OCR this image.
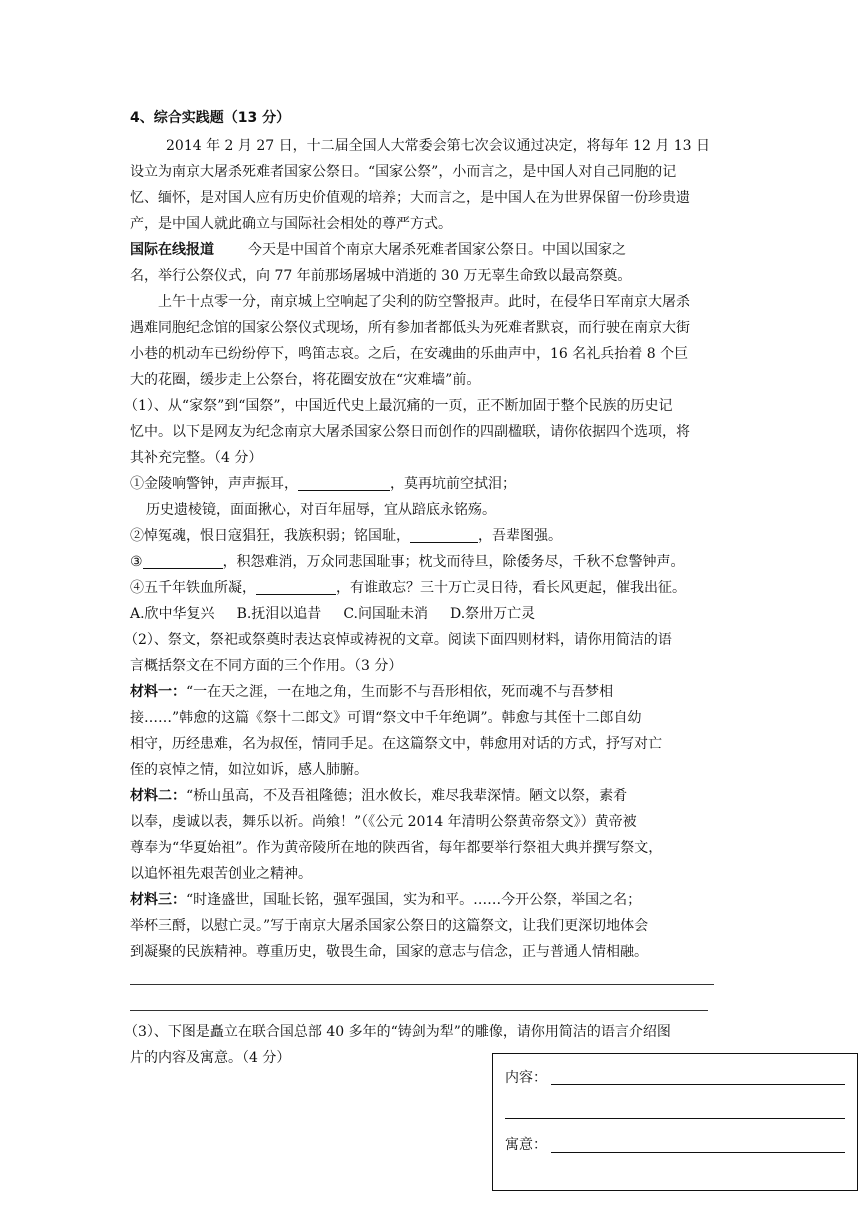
4、综合实践题（13 分）
2014 年 2 月 27 日，十二届全国人大常委会第七次会议通过决定，将每年 12 月 13 日
设立为南京大屠杀死难者国家公祭日。“国家公祭”，小而言之，是中国人对自己同胞的记
忆、缅怀，是对国人应有历史价值观的培养；大而言之，是中国人在为世界保留一份珍贵遗
产，是中国人就此确立与国际社会相处的尊严方式。
国际在线报道 今天是中国首个南京大屠杀死难者国家公祭日。中国以国家之
名，举行公祭仪式，向 77 年前那场屠城中消逝的 30 万无辜生命致以最高祭奠。
上午十点零一分，南京城上空响起了尖利的防空警报声。此时，在侵华日军南京大屠杀
遇难同胞纪念馆的国家公祭仪式现场，所有参加者都低头为死难者默哀，而行驶在南京大街
小巷的机动车已纷纷停下，鸣笛志哀。之后，在安魂曲的乐曲声中，16 名礼兵抬着 8 个巨
大的花圈，缓步走上公祭台，将花圈安放在“灾难墙”前。
（1）、从“家祭”到“国祭”，中国近代史上最沉痛的一页，正不断加固于整个民族的历史记
忆中。以下是网友为纪念南京大屠杀国家公祭日而创作的四副楹联，请你依据四个选项，将
其补充完整。（4 分）
①金陵响警钟，声声振耳，	，莫再坑前空拭泪；
历史遗棱镜，面面揪心，对百年屈辱，宜从踣底永铭殇。
②悼冤魂，恨日寇猖狂，我族积弱；铭国耻，	，吾辈图强。
③	，积怨难消，万众同悲国耻事；枕戈而待旦，除倭务尽，千秋不怠警钟声。
④五千年铁血所凝，	，有谁敢忘？三十万亡灵日待，看长风更起，催我出征。
A.欣中华复兴 B.抚泪以追昔 C.问国耻未消 D.祭卅万亡灵
（2）、祭文，祭祀或祭奠时表达哀悼或祷祝的文章。阅读下面四则材料，请你用简洁的语
言概括祭文在不同方面的三个作用。（3 分）
材料一：“一在天之涯，一在地之角，生而影不与吾形相依，死而魂不与吾梦相
接……”韩愈的这篇《祭十二郎文》可谓“祭文中千年绝调”。韩愈与其侄十二郎自幼
相守，历经患难，名为叔侄，情同手足。在这篇祭文中，韩愈用对话的方式，抒写对亡
侄的哀悼之情，如泣如诉，感人肺腑。
材料二：“桥山虽高，不及吾祖隆德；沮水攸长，难尽我辈深情。陋文以祭，素肴
以奉，虔诚以表，舞乐以祈。尚飨！”（《公元 2014 年清明公祭黄帝祭文》）黄帝被
尊奉为“华夏始祖”。作为黄帝陵所在地的陕西省，每年都要举行祭祖大典并撰写祭文，
以追怀祖先艰苦创业之精神。
材料三：“时逢盛世，国耻长铭，强军强国，实为和平。……今开公祭，举国之名；
举杯三酹，以慰亡灵。”写于南京大屠杀国家公祭日的这篇祭文，让我们更深切地体会
到凝聚的民族精神。尊重历史，敬畏生命，国家的意志与信念，正与普通人情相融。
（3）、下图是矗立在联合国总部 40 多年的“铸剑为犁”的雕像，请你用简洁的语言介绍图
片的内容及寓意。（4 分）
内容：
寓意：
